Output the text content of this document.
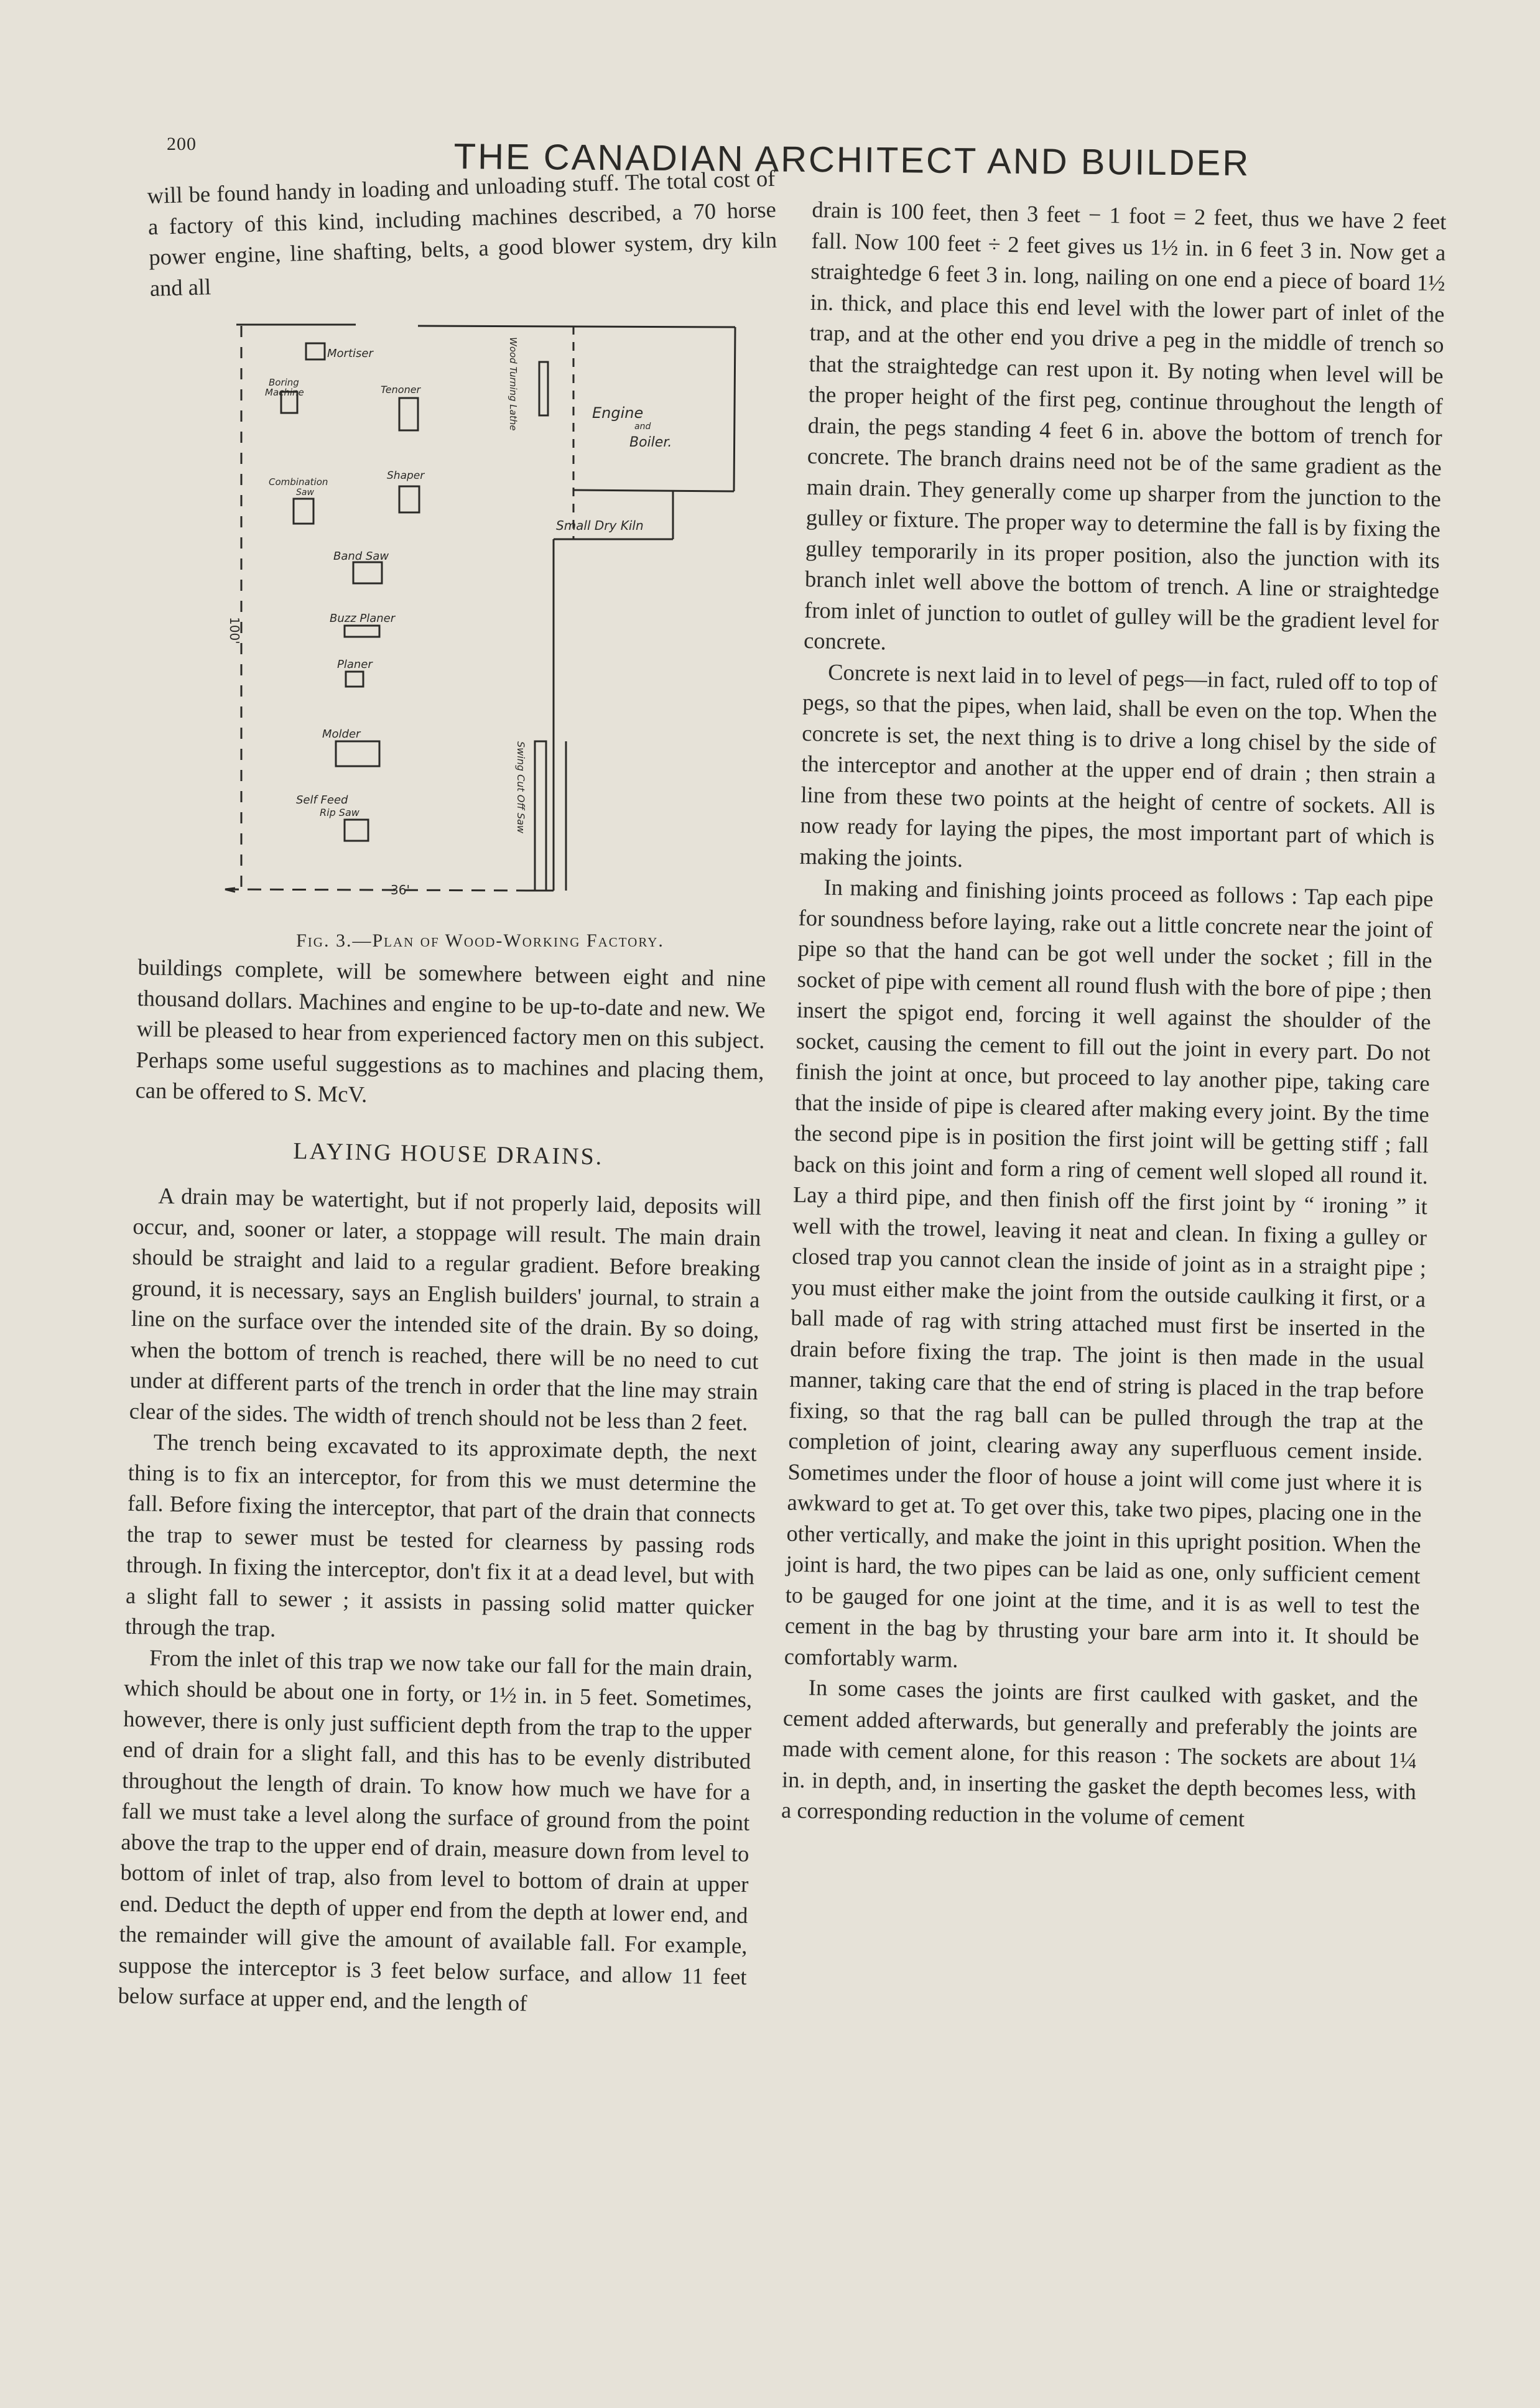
200	THE CANADIAN ARCHITECT AND BUILDER

will be found handy in loading and unloading stuff. The total cost of a factory of this kind, including machines described, a 70 horse power engine, line shafting, belts, a good blower system, dry kiln and all

Mortiser
Boring
Machine	Tenoner	Wood Turning Lathe	Engine
and
Boiler.
Combination
Saw
Shaper
Small Dry Kiln
Band Saw
Buzz Planer
Planer
Molder
Self Feed
Rip Saw	Swing Cut Off Saw
100'
36'
Fig. 3.—Plan of Wood-Working Factory.

buildings complete, will be somewhere between eight and nine thousand dollars. Machines and engine to be up-to-date and new. We will be pleased to hear from experienced factory men on this subject. Perhaps some useful suggestions as to machines and placing them, can be offered to S. McV.

LAYING HOUSE DRAINS.

A drain may be watertight, but if not properly laid, deposits will occur, and, sooner or later, a stoppage will result. The main drain should be straight and laid to a regular gradient. Before breaking ground, it is necessary, says an English builders' journal, to strain a line on the surface over the intended site of the drain. By so doing, when the bottom of trench is reached, there will be no need to cut under at different parts of the trench in order that the line may strain clear of the sides. The width of trench should not be less than 2 feet.

The trench being excavated to its approximate depth, the next thing is to fix an interceptor, for from this we must determine the fall. Before fixing the interceptor, that part of the drain that connects the trap to sewer must be tested for clearness by passing rods through. In fixing the interceptor, don't fix it at a dead level, but with a slight fall to sewer ; it assists in passing solid matter quicker through the trap.

From the inlet of this trap we now take our fall for the main drain, which should be about one in forty, or 1½ in. in 5 feet. Sometimes, however, there is only just sufficient depth from the trap to the upper end of drain for a slight fall, and this has to be evenly distributed throughout the length of drain. To know how much we have for a fall we must take a level along the surface of ground from the point above the trap to the upper end of drain, measure down from level to bottom of inlet of trap, also from level to bottom of drain at upper end. Deduct the depth of upper end from the depth at lower end, and the remainder will give the amount of available fall. For example, suppose the interceptor is 3 feet below surface, and allow 11 feet below surface at upper end, and the length of

drain is 100 feet, then 3 feet − 1 foot = 2 feet, thus we have 2 feet fall. Now 100 feet ÷ 2 feet gives us 1½ in. in 6 feet 3 in. Now get a straightedge 6 feet 3 in. long, nailing on one end a piece of board 1½ in. thick, and place this end level with the lower part of inlet of the trap, and at the other end you drive a peg in the middle of trench so that the straightedge can rest upon it. By noting when level will be the proper height of the first peg, continue throughout the length of drain, the pegs standing 4 feet 6 in. above the bottom of trench for concrete. The branch drains need not be of the same gradient as the main drain. They generally come up sharper from the junction to the gulley or fixture. The proper way to determine the fall is by fixing the gulley temporarily in its proper position, also the junction with its branch inlet well above the bottom of trench. A line or straightedge from inlet of junction to outlet of gulley will be the gradient level for concrete.

Concrete is next laid in to level of pegs—in fact, ruled off to top of pegs, so that the pipes, when laid, shall be even on the top. When the concrete is set, the next thing is to drive a long chisel by the side of the interceptor and another at the upper end of drain ; then strain a line from these two points at the height of centre of sockets. All is now ready for laying the pipes, the most important part of which is making the joints.

In making and finishing joints proceed as follows : Tap each pipe for soundness before laying, rake out a little concrete near the joint of pipe so that the hand can be got well under the socket ; fill in the socket of pipe with cement all round flush with the bore of pipe ; then insert the spigot end, forcing it well against the shoulder of the socket, causing the cement to fill out the joint in every part. Do not finish the joint at once, but proceed to lay another pipe, taking care that the inside of pipe is cleared after making every joint. By the time the second pipe is in position the first joint will be getting stiff ; fall back on this joint and form a ring of cement well sloped all round it. Lay a third pipe, and then finish off the first joint by “ ironing ” it well with the trowel, leaving it neat and clean. In fixing a gulley or closed trap you cannot clean the inside of joint as in a straight pipe ; you must either make the joint from the outside caulking it first, or a ball made of rag with string attached must first be inserted in the drain before fixing the trap. The joint is then made in the usual manner, taking care that the end of string is placed in the trap before fixing, so that the rag ball can be pulled through the trap at the completion of joint, clearing away any superfluous cement inside. Sometimes under the floor of house a joint will come just where it is awkward to get at. To get over this, take two pipes, placing one in the other vertically, and make the joint in this upright position. When the joint is hard, the two pipes can be laid as one, only sufficient cement to be gauged for one joint at the time, and it is as well to test the cement in the bag by thrusting your bare arm into it. It should be comfortably warm.

In some cases the joints are first caulked with gasket, and the cement added afterwards, but generally and preferably the joints are made with cement alone, for this reason : The sockets are about 1¼ in. in depth, and, in inserting the gasket the depth becomes less, with a corresponding reduction in the volume of cement
